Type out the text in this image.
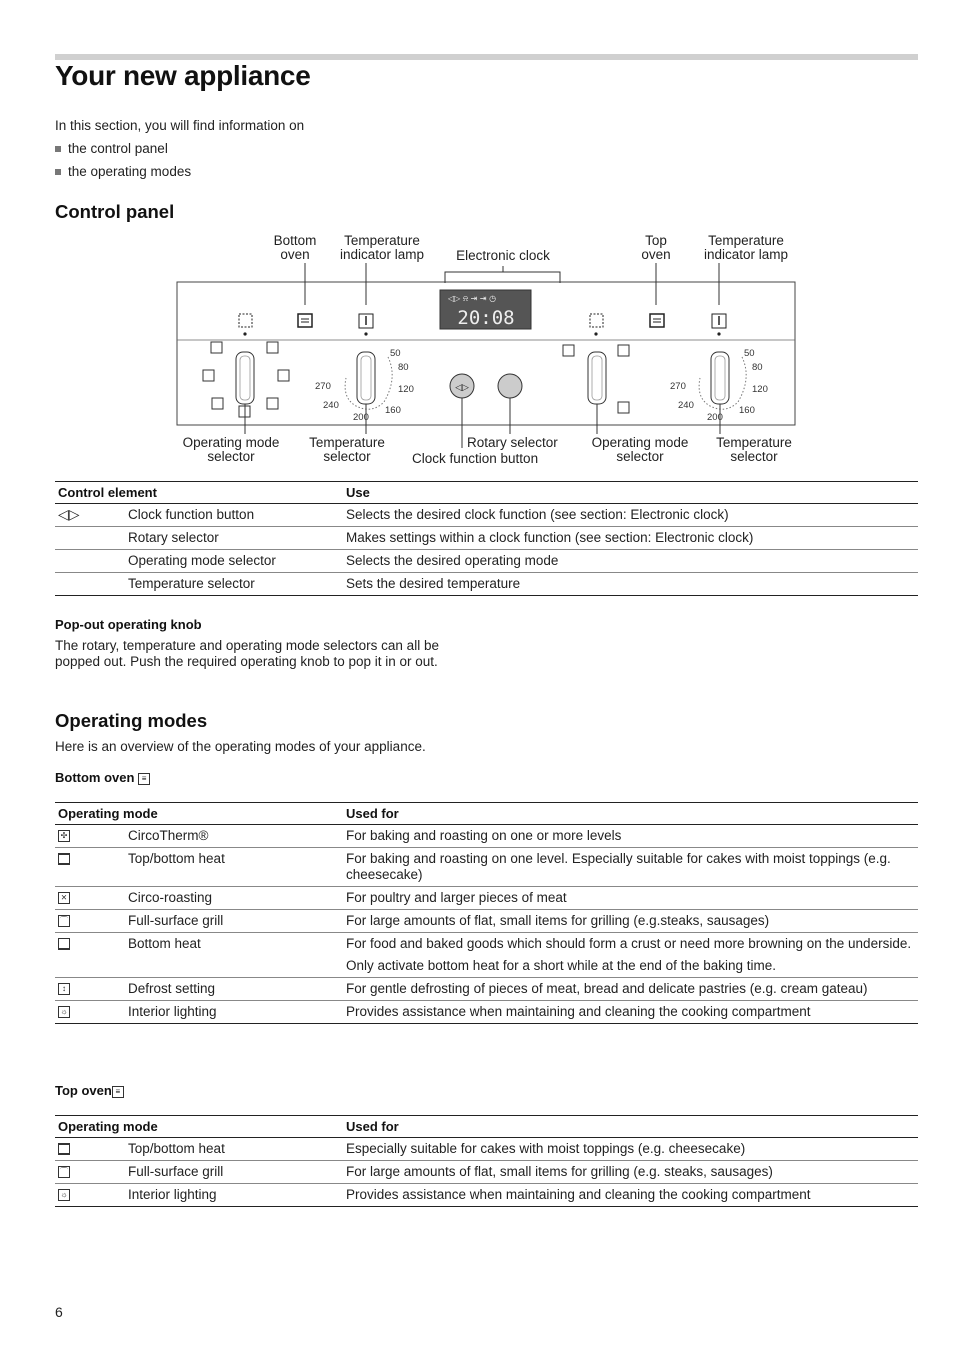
Your new appliance
In this section, you will find information on
the control panel
the operating modes
Control panel
Bottom oven
Temperature indicator lamp Electronic clock
Top oven
Temperature indicator lamp
◁▷ ⍾ ⇥ ⇥ ◷
20:08
50
80
120
160
200
240
270	◁▷
50
80
120
160
200
240
270
Operating mode selector
Temperature selector
Rotary selector
Clock function button
Operating mode selector
Temperature selector
Control element		Use
◁▷	Clock function button	Selects the desired clock function (see section: Electronic clock)
	Rotary selector	Makes settings within a clock function (see section: Electronic clock)
	Operating mode selector	Selects the desired operating mode
	Temperature selector	Sets the desired temperature
Pop-out operating knob
The rotary, temperature and operating mode selectors can all be popped out. Push the required operating knob to pop it in or out.
Operating modes
Here is an overview of the operating modes of your appliance.
Bottom oven ≡
Operating mode		Used for
✣	CircoTherm®	For baking and roasting on one or more levels
	Top/bottom heat	For baking and roasting on one level. Especially suitable for cakes with moist toppings (e.g. cheesecake)
⨯	Circo-roasting	For poultry and larger pieces of meat
⌒	Full-surface grill	For large amounts of flat, small items for grilling (e.g.steaks, sausages)
	Bottom heat	For food and baked goods which should form a crust or need more browning on the underside.
Only activate bottom heat for a short while at the end of the baking time.

↕	Defrost setting	For gentle defrosting of pieces of meat, bread and delicate pastries (e.g. cream gateau)
☼	Interior lighting	Provides assistance when maintaining and cleaning the cooking compartment
Top oven ≡
Operating mode		Used for
	Top/bottom heat	Especially suitable for cakes with moist toppings (e.g. cheesecake)
⌒	Full-surface grill	For large amounts of flat, small items for grilling (e.g. steaks, sausages)
☼	Interior lighting	Provides assistance when maintaining and cleaning the cooking compartment
6
